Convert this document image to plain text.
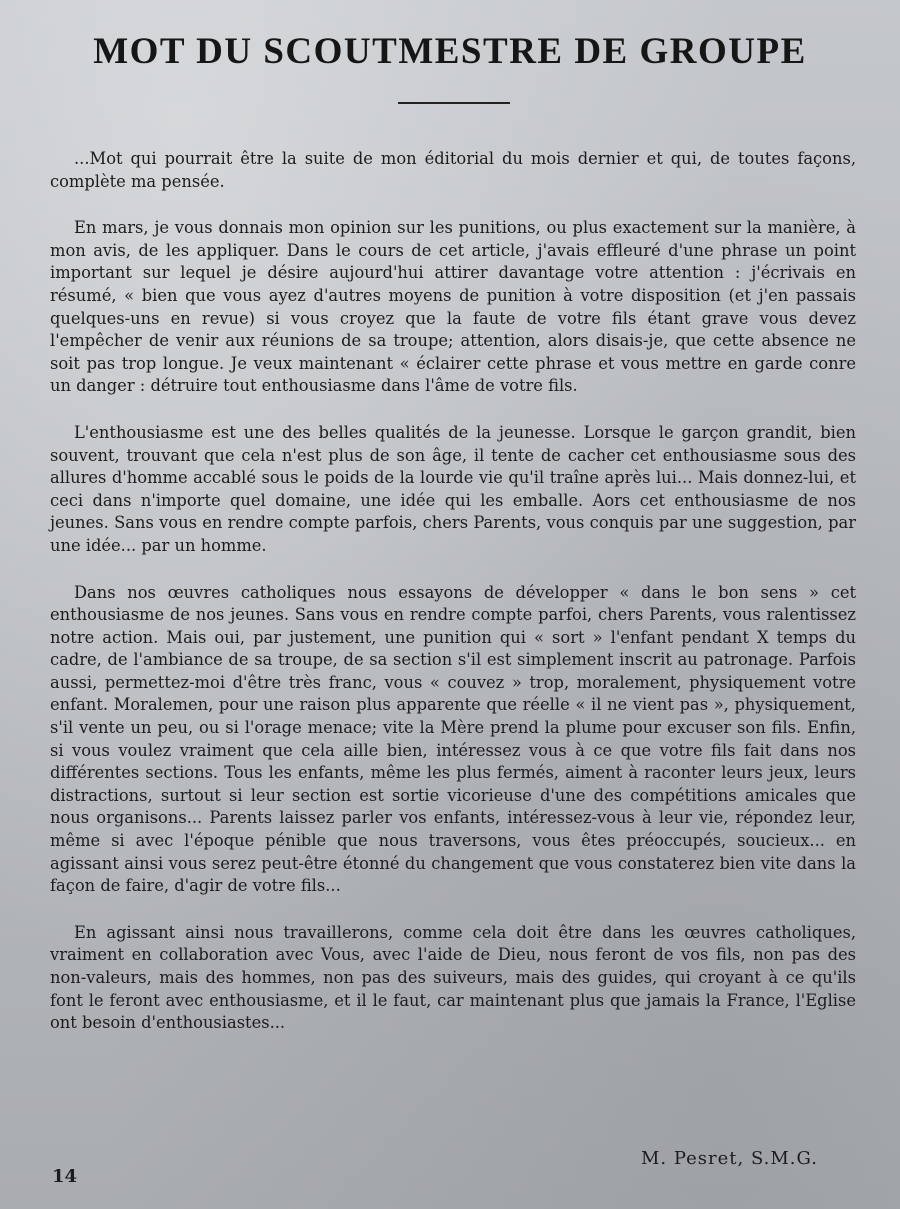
MOT DU SCOUTMESTRE DE GROUPE

...Mot qui pourrait être la suite de mon éditorial du mois dernier et qui, de toutes façons, complète ma pensée.

En mars, je vous donnais mon opinion sur les punitions, ou plus exactement sur la manière, à mon avis, de les appliquer. Dans le cours de cet article, j'avais effleuré d'une phrase un point important sur lequel je désire aujourd'hui attirer davantage votre attention : j'écrivais en résumé, « bien que vous ayez d'autres moyens de punition à votre disposition (et j'en passais quelques-uns en revue) si vous croyez que la faute de votre fils étant grave vous devez l'empêcher de venir aux réunions de sa troupe; attention, alors disais-je, que cette absence ne soit pas trop longue. Je veux maintenant « éclairer cette phrase et vous mettre en garde conre un danger : détruire tout enthousiasme dans l'âme de votre fils.

L'enthousiasme est une des belles qualités de la jeunesse. Lorsque le garçon grandit, bien souvent, trouvant que cela n'est plus de son âge, il tente de cacher cet enthousiasme sous des allures d'homme accablé sous le poids de la lourde vie qu'il traîne après lui... Mais donnez-lui, et ceci dans n'importe quel domaine, une idée qui les emballe. Aors cet enthousiasme de nos jeunes. Sans vous en rendre compte parfois, chers Parents, vous conquis par une suggestion, par une idée... par un homme.

Dans nos œuvres catholiques nous essayons de développer « dans le bon sens » cet enthousiasme de nos jeunes. Sans vous en rendre compte parfoi, chers Parents, vous ralentissez notre action. Mais oui, par justement, une punition qui « sort » l'enfant pendant X temps du cadre, de l'ambiance de sa troupe, de sa section s'il est simplement inscrit au patronage. Parfois aussi, permettez-moi d'être très franc, vous « couvez » trop, moralement, physiquement votre enfant. Moralemen, pour une raison plus apparente que réelle « il ne vient pas », physiquement, s'il vente un peu, ou si l'orage menace; vite la Mère prend la plume pour excuser son fils. Enfin, si vous voulez vraiment que cela aille bien, intéressez vous à ce que votre fils fait dans nos différentes sections. Tous les enfants, même les plus fermés, aiment à raconter leurs jeux, leurs distractions, surtout si leur section est sortie vicorieuse d'une des compétitions amicales que nous organisons... Parents laissez parler vos enfants, intéressez-vous à leur vie, répondez leur, même si avec l'époque pénible que nous traversons, vous êtes préoccupés, soucieux... en agissant ainsi vous serez peut-être étonné du changement que vous constaterez bien vite dans la façon de faire, d'agir de votre fils...

En agissant ainsi nous travaillerons, comme cela doit être dans les œuvres catholiques, vraiment en collaboration avec Vous, avec l'aide de Dieu, nous feront de vos fils, non pas des non-valeurs, mais des hommes, non pas des suiveurs, mais des guides, qui croyant à ce qu'ils font le feront avec enthousiasme, et il le faut, car maintenant plus que jamais la France, l'Eglise ont besoin d'enthousiastes...

M. Pesret, S.M.G.
14
